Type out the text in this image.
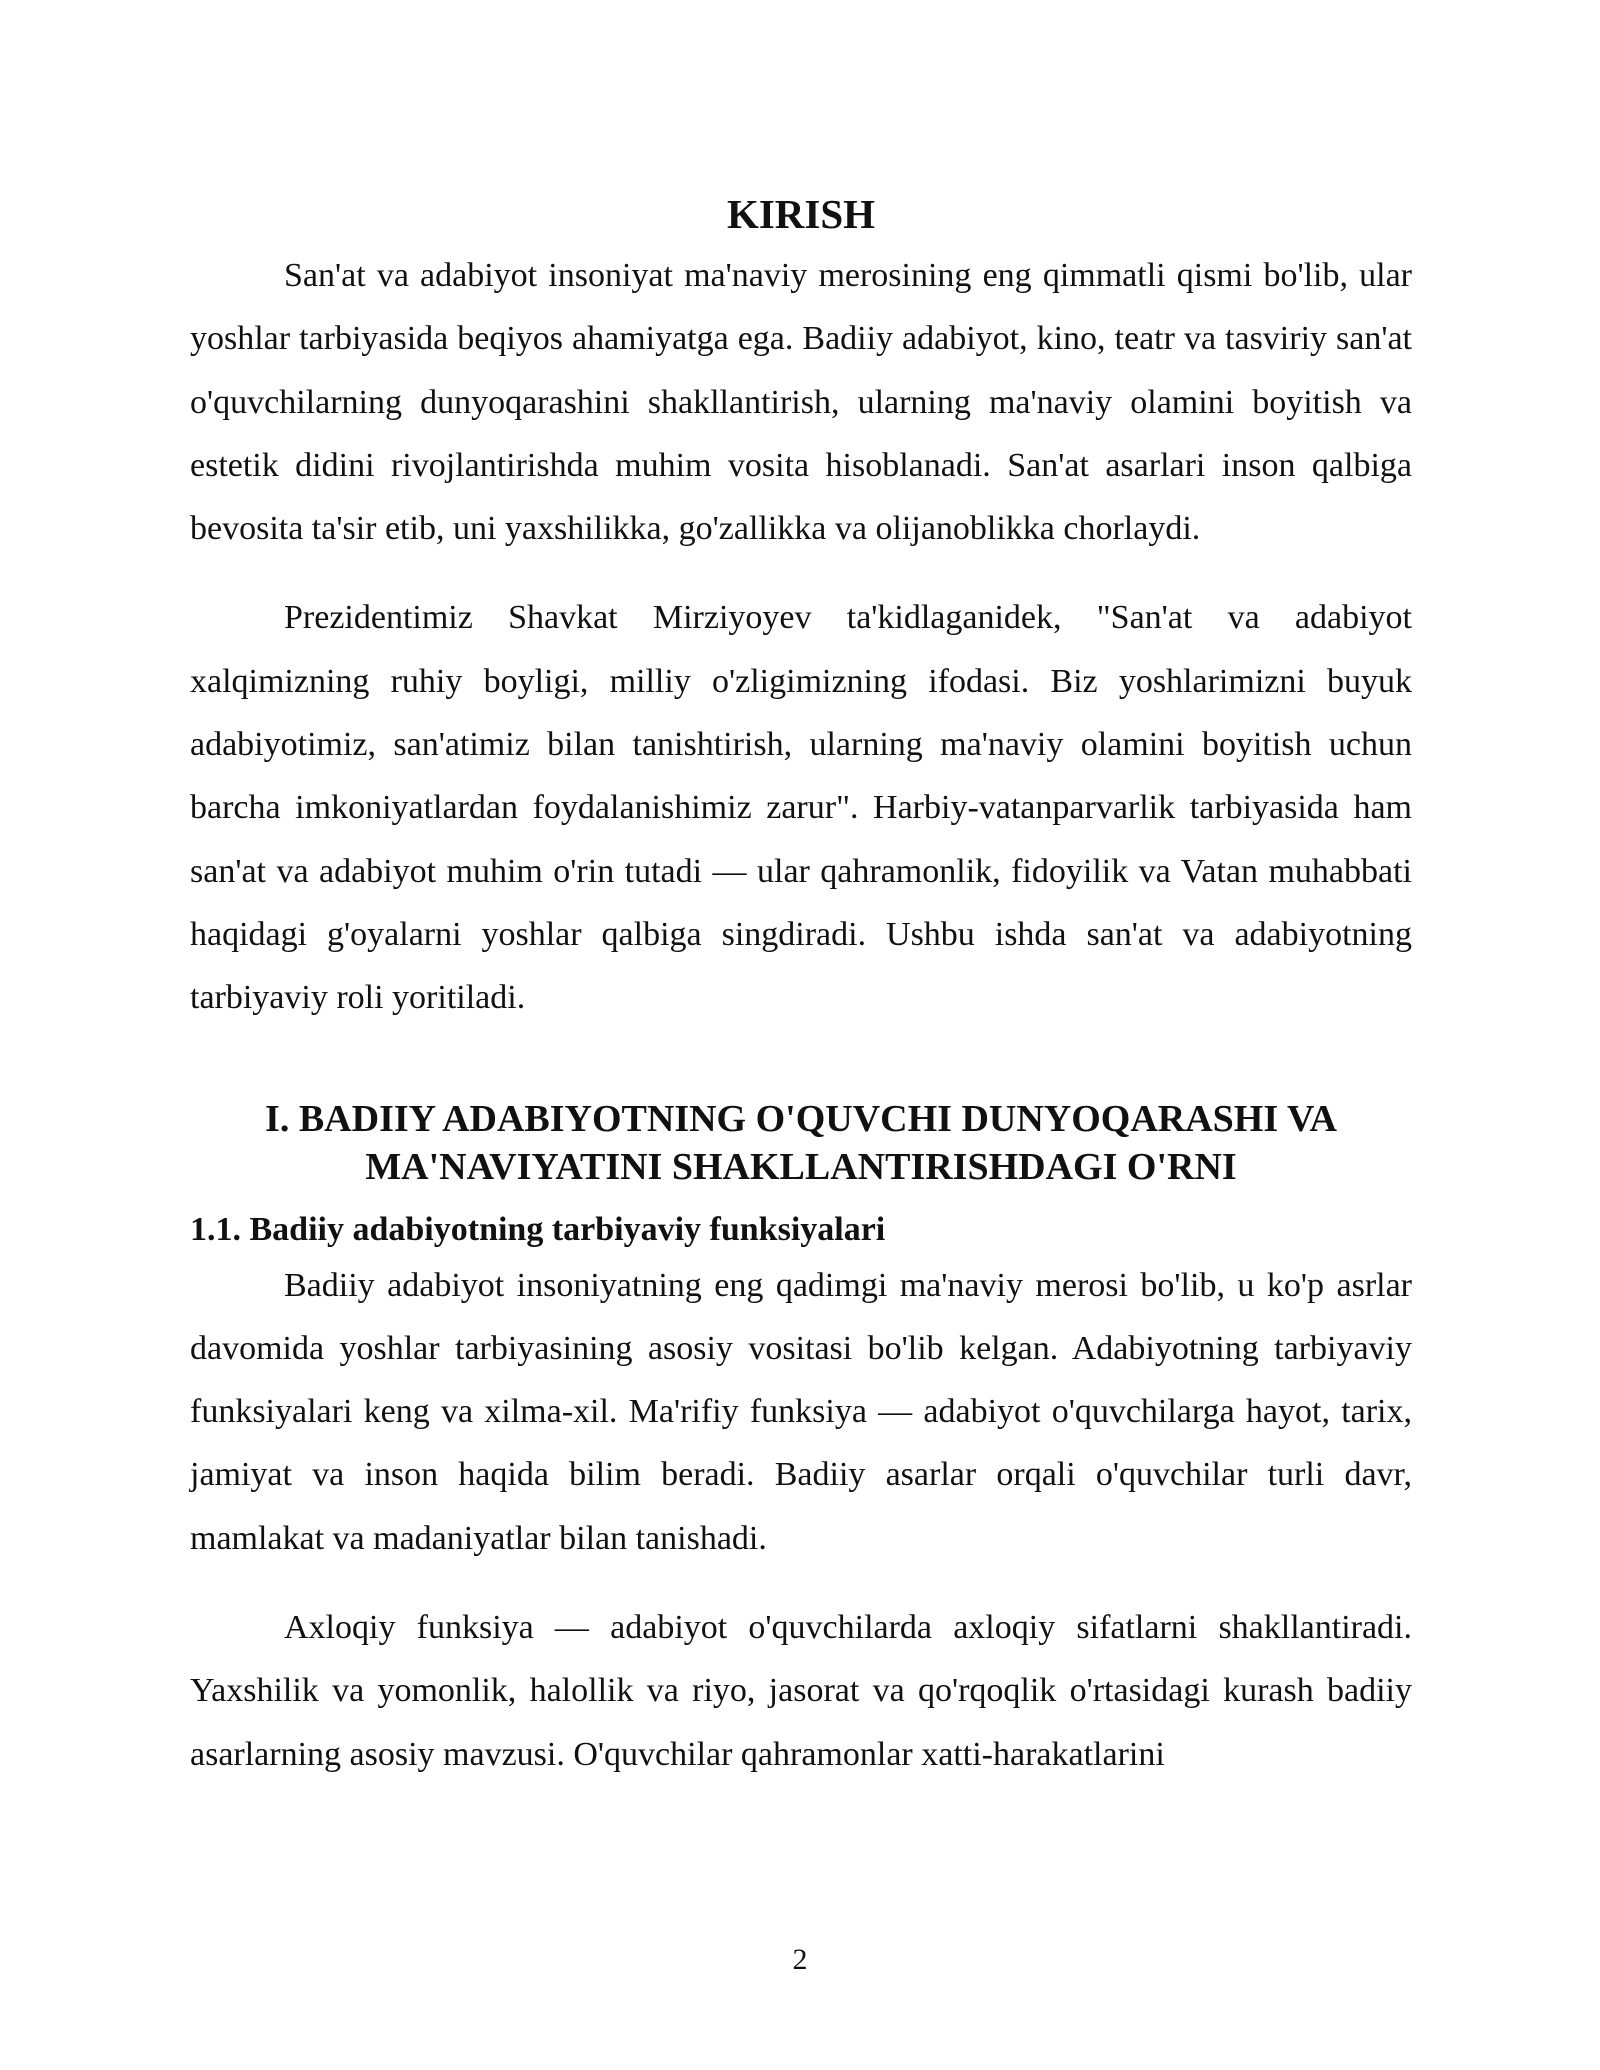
KIRISH

San'at va adabiyot insoniyat ma'naviy merosining eng qimmatli qismi bo'lib, ular yoshlar tarbiyasida beqiyos ahamiyatga ega. Badiiy adabiyot, kino, teatr va tasviriy san'at o'quvchilarning dunyoqarashini shakllantirish, ularning ma'naviy olamini boyitish va estetik didini rivojlantirishda muhim vosita hisoblanadi. San'at asarlari inson qalbiga bevosita ta'sir etib, uni yaxshilikka, go'zallikka va olijanoblikka chorlaydi.

Prezidentimiz Shavkat Mirziyoyev ta'kidlaganidek, "San'at va adabiyot xalqimizning ruhiy boyligi, milliy o'zligimizning ifodasi. Biz yoshlarimizni buyuk adabiyotimiz, san'atimiz bilan tanishtirish, ularning ma'naviy olamini boyitish uchun barcha imkoniyatlardan foydalanishimiz zarur". Harbiy-vatanparvarlik tarbiyasida ham san'at va adabiyot muhim o'rin tutadi — ular qahramonlik, fidoyilik va Vatan muhabbati haqidagi g'oyalarni yoshlar qalbiga singdiradi. Ushbu ishda san'at va adabiyotning tarbiyaviy roli yoritiladi.

I. BADIIY ADABIYOTNING O'QUVCHI DUNYOQARASHI VA
MA'NAVIYATINI SHAKLLANTIRISHDAGI O'RNI
1.1. Badiiy adabiyotning tarbiyaviy funksiyalari

Badiiy adabiyot insoniyatning eng qadimgi ma'naviy merosi bo'lib, u ko'p asrlar davomida yoshlar tarbiyasining asosiy vositasi bo'lib kelgan. Adabiyotning tarbiyaviy funksiyalari keng va xilma-xil. Ma'rifiy funksiya — adabiyot o'quvchilarga hayot, tarix, jamiyat va inson haqida bilim beradi. Badiiy asarlar orqali o'quvchilar turli davr, mamlakat va madaniyatlar bilan tanishadi.

Axloqiy funksiya — adabiyot o'quvchilarda axloqiy sifatlarni shakllantiradi. Yaxshilik va yomonlik, halollik va riyo, jasorat va qo'rqoqlik o'rtasidagi kurash badiiy asarlarning asosiy mavzusi. O'quvchilar qahramonlar xatti-harakatlarini

2
